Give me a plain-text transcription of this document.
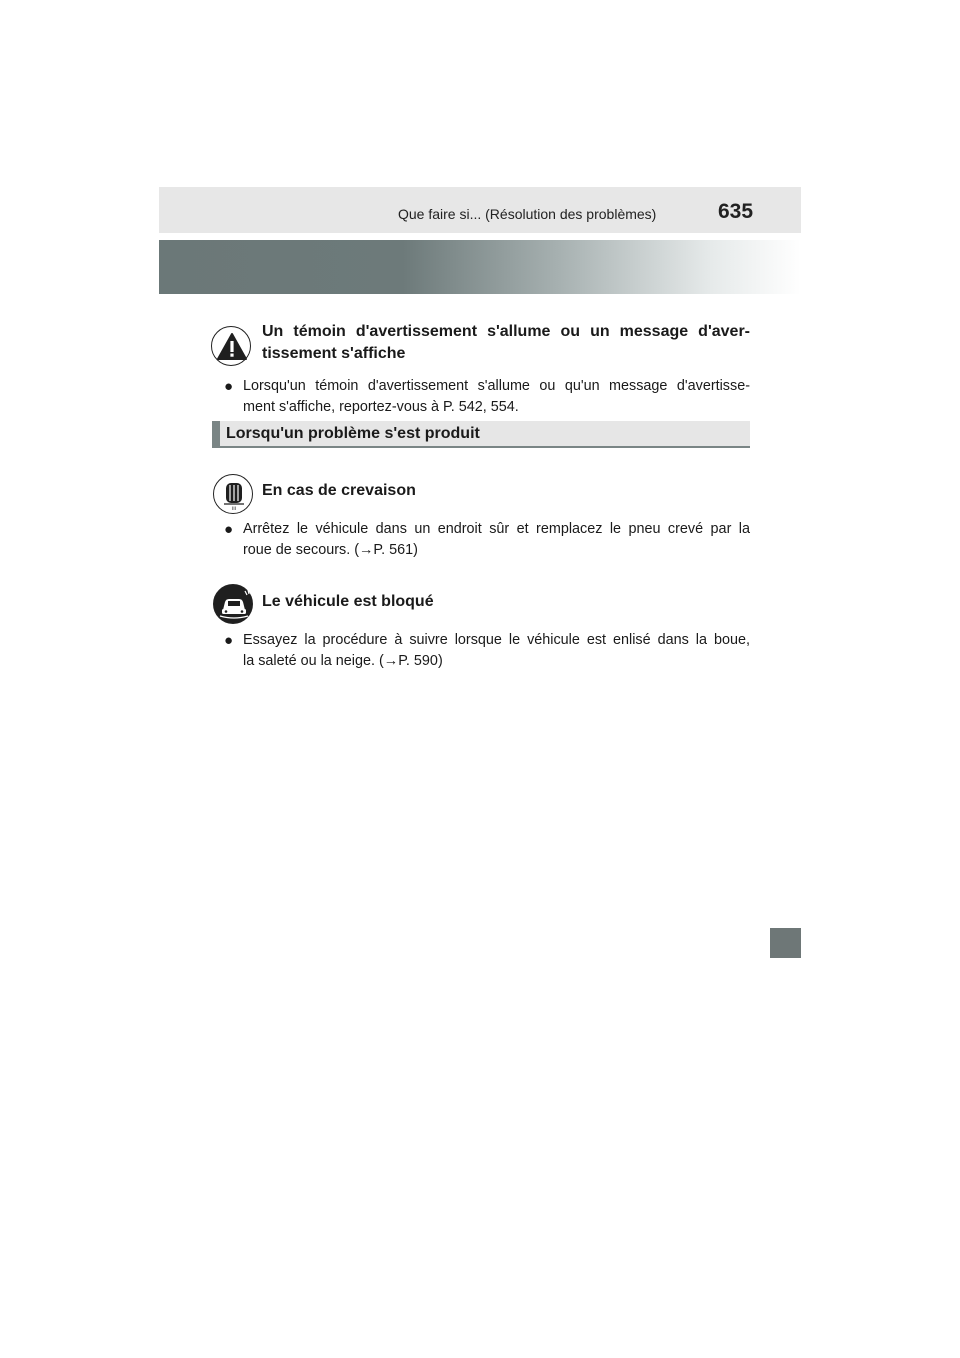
Que faire si... (Résolution des problèmes)	635
Un témoin d'avertissement s'allume ou un message d'aver-
tissement s'affiche
● Lorsqu'un témoin d'avertissement s'allume ou qu'un message d'avertisse-
ment s'affiche, reportez-vous à P. 542, 554.
Lorsqu'un problème s'est produit
ⅠⅠⅠ
En cas de crevaison
● Arrêtez le véhicule dans un endroit sûr et remplacez le pneu crevé par la
roue de secours. (→P. 561)
Le véhicule est bloqué
● Essayez la procédure à suivre lorsque le véhicule est enlisé dans la boue,
la saleté ou la neige. (→P. 590)
